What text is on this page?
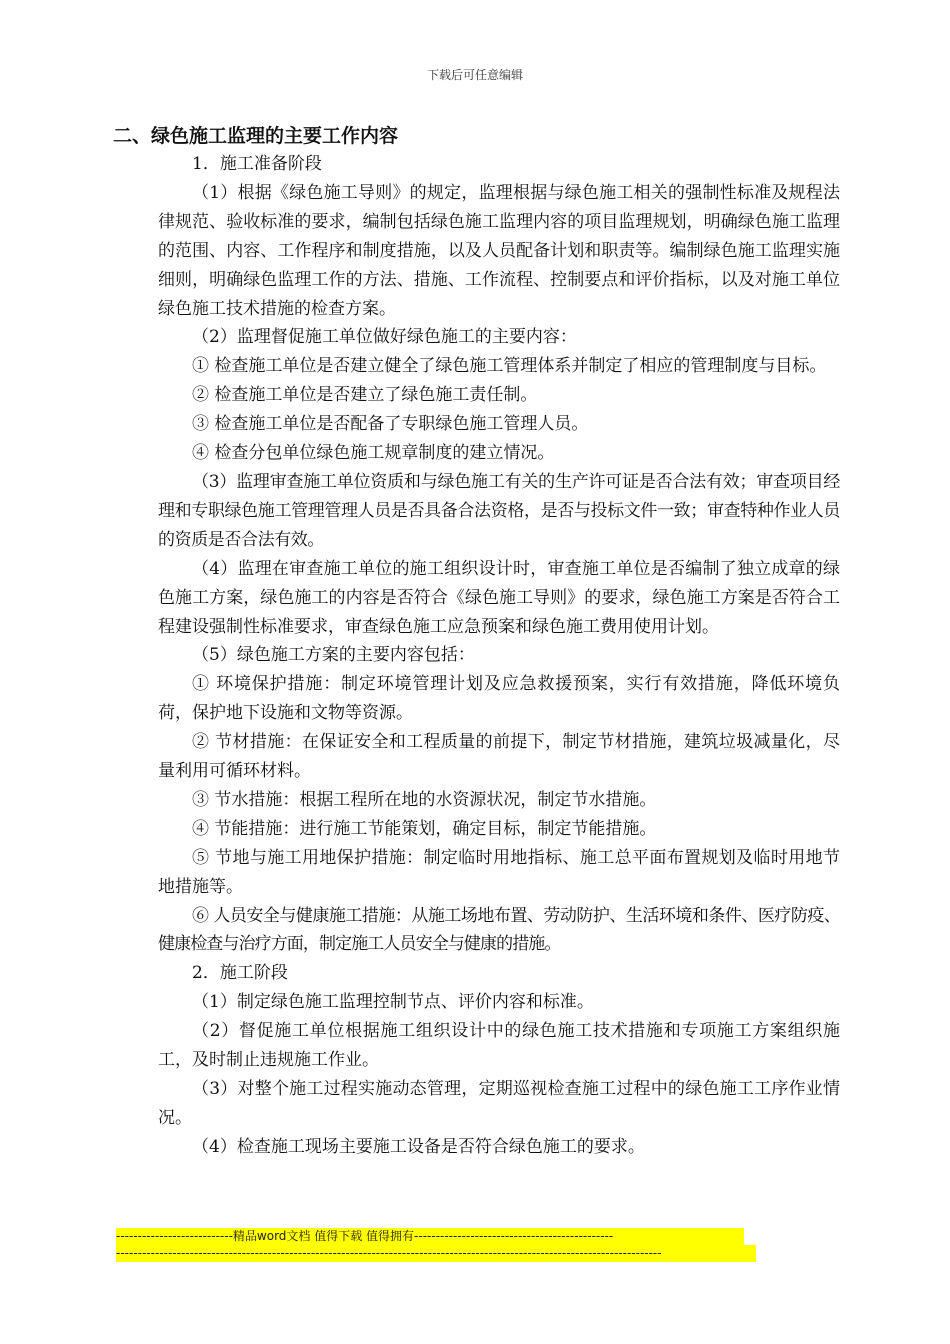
下载后可任意编辑
二、绿色施工监理的主要工作内容

1．施工准备阶段

（1）根据《绿色施工导则》的规定，监理根据与绿色施工相关的强制性标准及规程法律规范、验收标准的要求，编制包括绿色施工监理内容的项目监理规划，明确绿色施工监理的范围、内容、工作程序和制度措施，以及人员配备计划和职责等。编制绿色施工监理实施细则，明确绿色监理工作的方法、措施、工作流程、控制要点和评价指标，以及对施工单位绿色施工技术措施的检查方案。

（2）监理督促施工单位做好绿色施工的主要内容：

① 检查施工单位是否建立健全了绿色施工管理体系并制定了相应的管理制度与目标。

② 检查施工单位是否建立了绿色施工责任制。

③ 检查施工单位是否配备了专职绿色施工管理人员。

④ 检查分包单位绿色施工规章制度的建立情况。

（3）监理审查施工单位资质和与绿色施工有关的生产许可证是否合法有效；审查项目经理和专职绿色施工管理管理人员是否具备合法资格，是否与投标文件一致；审查特种作业人员的资质是否合法有效。

（4）监理在审查施工单位的施工组织设计时，审查施工单位是否编制了独立成章的绿色施工方案，绿色施工的内容是否符合《绿色施工导则》的要求，绿色施工方案是否符合工程建设强制性标准要求，审查绿色施工应急预案和绿色施工费用使用计划。

（5）绿色施工方案的主要内容包括：

① 环境保护措施：制定环境管理计划及应急救援预案，实行有效措施，降低环境负荷，保护地下设施和文物等资源。

② 节材措施：在保证安全和工程质量的前提下，制定节材措施，建筑垃圾减量化，尽量利用可循环材料。

③ 节水措施：根据工程所在地的水资源状况，制定节水措施。

④ 节能措施：进行施工节能策划，确定目标，制定节能措施。

⑤ 节地与施工用地保护措施：制定临时用地指标、施工总平面布置规划及临时用地节地措施等。

⑥ 人员安全与健康施工措施：从施工场地布置、劳动防护、生活环境和条件、医疗防疫、健康检查与治疗方面，制定施工人员安全与健康的措施。

2．施工阶段

（1）制定绿色施工监理控制节点、评价内容和标准。

（2）督促施工单位根据施工组织设计中的绿色施工技术措施和专项施工方案组织施工，及时制止违规施工作业。

（3）对整个施工过程实施动态管理，定期巡视检查施工过程中的绿色施工工序作业情况。

（4）检查施工现场主要施工设备是否符合绿色施工的要求。

---------------------------精品word文档 值得下载 值得拥有----------------------------------------------
------------------------------------------------------------------------------------------------------------------------------
